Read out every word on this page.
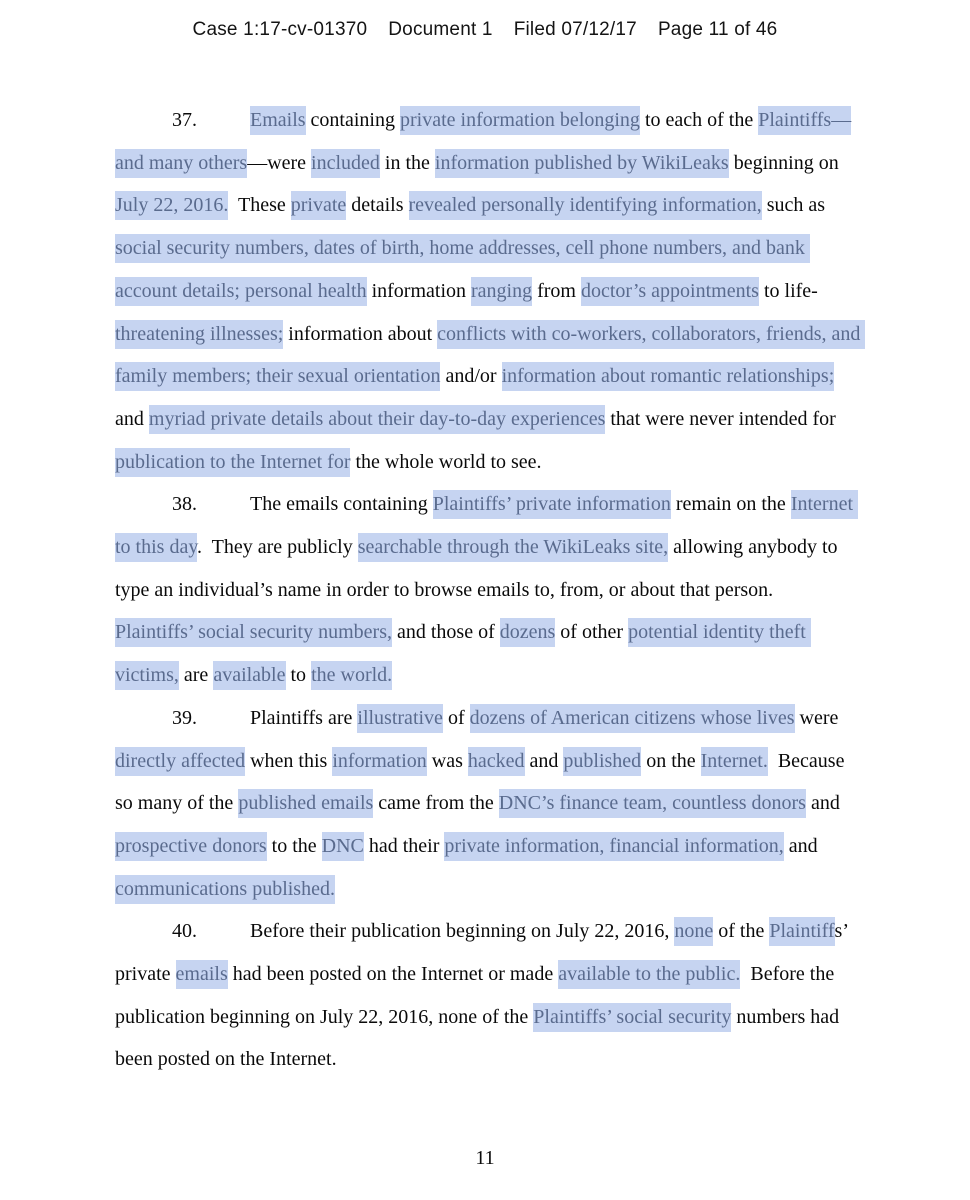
Case 1:17-cv-01370 Document 1 Filed 07/12/17 Page 11 of 46

37.	Emails containing private information belonging to each of the Plaintiffs—and many others—were included in the information published by WikiLeaks beginning on July 22, 2016.  These private details revealed personally identifying information, such as social security numbers, dates of birth, home addresses, cell phone numbers, and bank account details; personal health information ranging from doctor’s appointments to life-threatening illnesses; information about conflicts with co-workers, collaborators, friends, and family members; their sexual orientation and/or information about romantic relationships; and myriad private details about their day-to-day experiences that were never intended for publication to the Internet for the whole world to see.

38.	The emails containing Plaintiffs’ private information remain on the Internet to this day.  They are publicly searchable through the WikiLeaks site, allowing anybody to type an individual’s name in order to browse emails to, from, or about that person.  Plaintiffs’ social security numbers, and those of dozens of other potential identity theft victims, are available to the world.

39.	Plaintiffs are illustrative of dozens of American citizens whose lives were directly affected when this information was hacked and published on the Internet.  Because so many of the published emails came from the DNC’s finance team, countless donors and prospective donors to the DNC had their private information, financial information, and communications published.

40.	Before their publication beginning on July 22, 2016, none of the Plaintiffs’ private emails had been posted on the Internet or made available to the public.  Before the publication beginning on July 22, 2016, none of the Plaintiffs’ social security numbers had been posted on the Internet.

11
